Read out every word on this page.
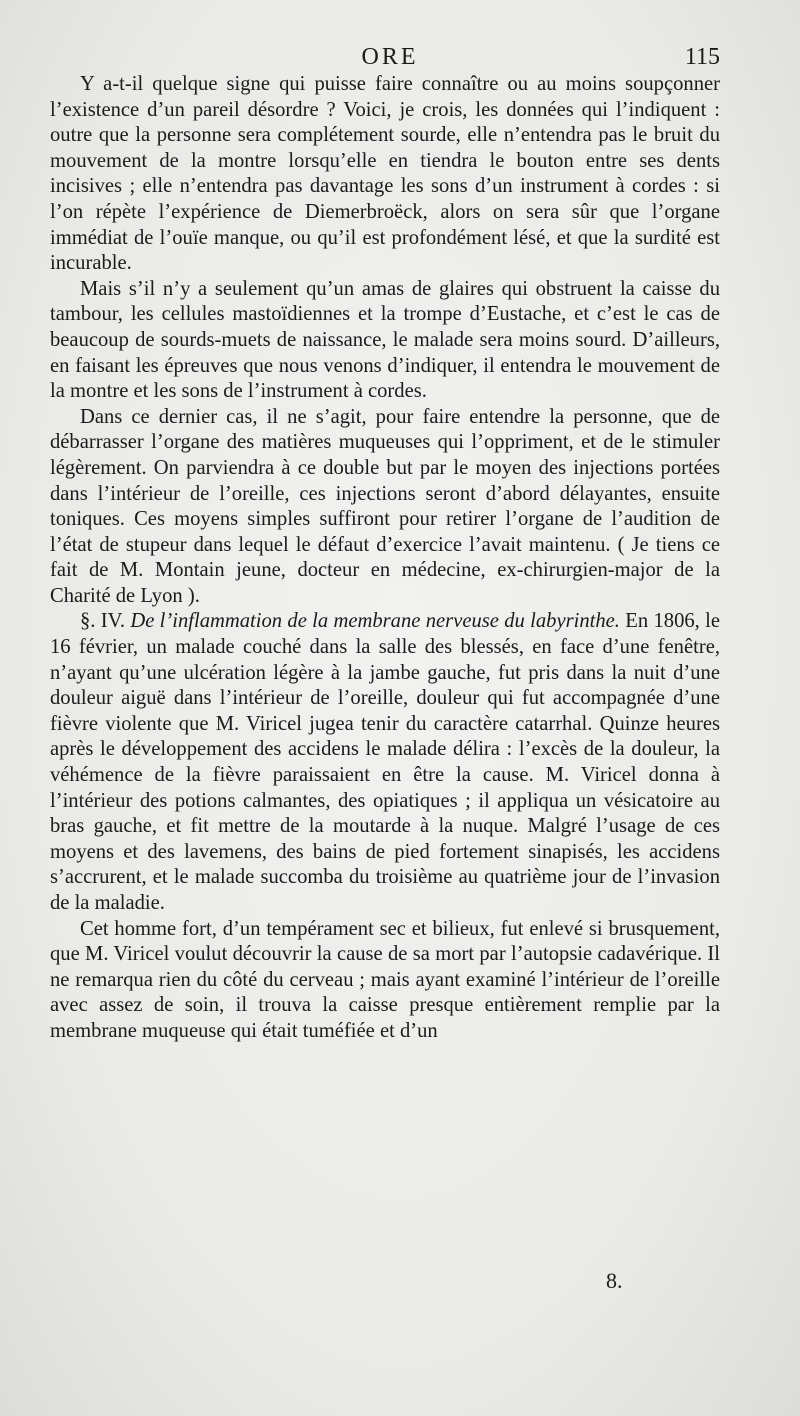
ORE	115

Y a-t-il quelque signe qui puisse faire connaître ou au moins soupçonner l’existence d’un pareil désordre ? Voici, je crois, les données qui l’indiquent : outre que la personne sera complétement sourde, elle n’entendra pas le bruit du mouvement de la montre lorsqu’elle en tiendra le bouton entre ses dents incisives ; elle n’entendra pas davantage les sons d’un instrument à cordes : si l’on répète l’expérience de Diemerbroëck, alors on sera sûr que l’organe immédiat de l’ouïe manque, ou qu’il est profondément lésé, et que la surdité est incurable.

Mais s’il n’y a seulement qu’un amas de glaires qui obstruent la caisse du tambour, les cellules mastoïdiennes et la trompe d’Eustache, et c’est le cas de beaucoup de sourds-muets de naissance, le malade sera moins sourd. D’ailleurs, en faisant les épreuves que nous venons d’indiquer, il entendra le mouvement de la montre et les sons de l’instrument à cordes.

Dans ce dernier cas, il ne s’agit, pour faire entendre la personne, que de débarrasser l’organe des matières muqueuses qui l’oppriment, et de le stimuler légèrement. On parviendra à ce double but par le moyen des injections portées dans l’intérieur de l’oreille, ces injections seront d’abord délayantes, ensuite toniques. Ces moyens simples suffiront pour retirer l’organe de l’audition de l’état de stupeur dans lequel le défaut d’exercice l’avait maintenu. ( Je tiens ce fait de M. Montain jeune, docteur en médecine, ex-chirurgien-major de la Charité de Lyon ).

§. IV. De l’inflammation de la membrane nerveuse du labyrinthe. En 1806, le 16 février, un malade couché dans la salle des blessés, en face d’une fenêtre, n’ayant qu’une ulcération légère à la jambe gauche, fut pris dans la nuit d’une douleur aiguë dans l’intérieur de l’oreille, douleur qui fut accompagnée d’une fièvre violente que M. Viricel jugea tenir du caractère catarrhal. Quinze heures après le développement des accidens le malade délira : l’excès de la douleur, la véhémence de la fièvre paraissaient en être la cause. M. Viricel donna à l’intérieur des potions calmantes, des opiatiques ; il appliqua un vésicatoire au bras gauche, et fit mettre de la moutarde à la nuque. Malgré l’usage de ces moyens et des lavemens, des bains de pied fortement sinapisés, les accidens s’accrurent, et le malade succomba du troisième au quatrième jour de l’invasion de la maladie.

Cet homme fort, d’un tempérament sec et bilieux, fut enlevé si brusquement, que M. Viricel voulut découvrir la cause de sa mort par l’autopsie cadavérique. Il ne remarqua rien du côté du cerveau ; mais ayant examiné l’intérieur de l’oreille avec assez de soin, il trouva la caisse presque entièrement remplie par la membrane muqueuse qui était tuméfiée et d’un

8.
